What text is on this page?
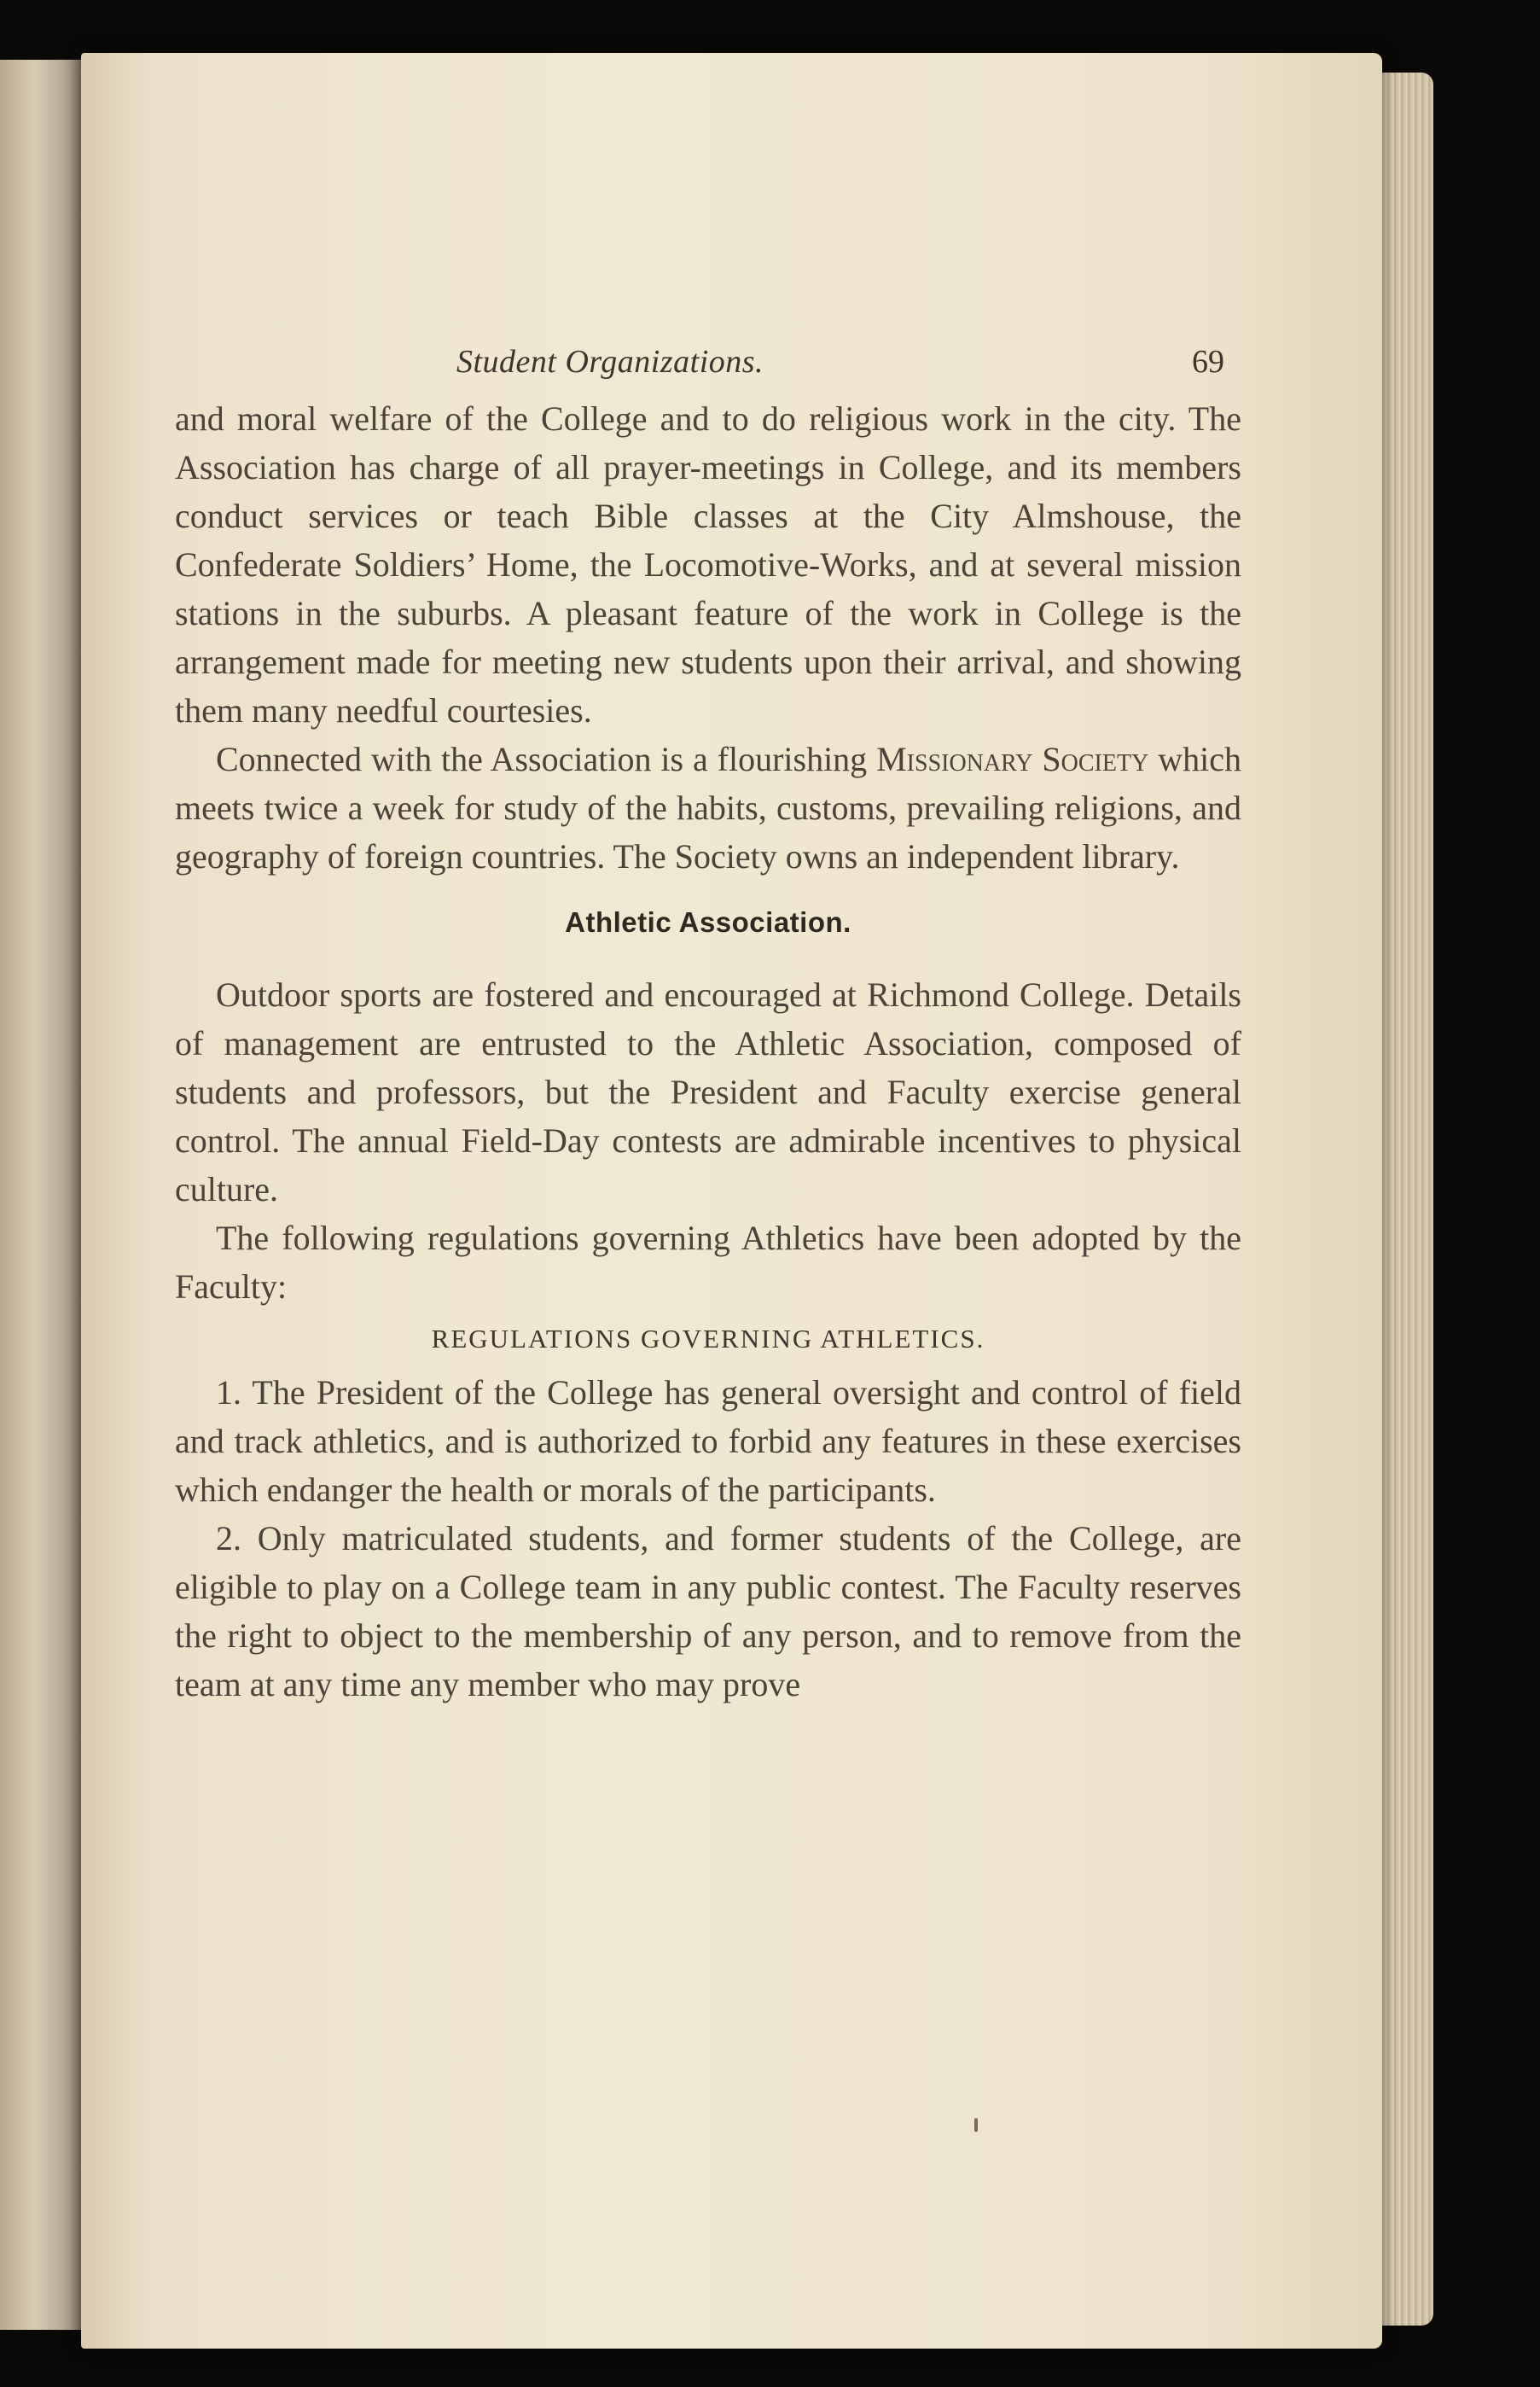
Student Organizations.	69

and moral welfare of the College and to do religious work in the city. The Association has charge of all prayer-meetings in College, and its members conduct services or teach Bible classes at the City Almshouse, the Confederate Soldiers’ Home, the Locomotive-Works, and at several mission stations in the suburbs. A pleasant feature of the work in College is the arrangement made for meeting new students upon their arrival, and showing them many needful courtesies.

Connected with the Association is a flourishing Missionary Society which meets twice a week for study of the habits, customs, prevailing religions, and geography of foreign countries. The Society owns an independent library.

Athletic Association.

Outdoor sports are fostered and encouraged at Richmond College. Details of management are entrusted to the Athletic Association, composed of students and professors, but the President and Faculty exercise general control. The annual Field-Day contests are admirable incentives to physical culture.

The following regulations governing Athletics have been adopted by the Faculty:

REGULATIONS GOVERNING ATHLETICS.

1. The President of the College has general oversight and control of field and track athletics, and is authorized to forbid any features in these exercises which endanger the health or morals of the participants.

2. Only matriculated students, and former students of the College, are eligible to play on a College team in any public contest. The Faculty reserves the right to object to the membership of any person, and to remove from the team at any time any member who may prove
